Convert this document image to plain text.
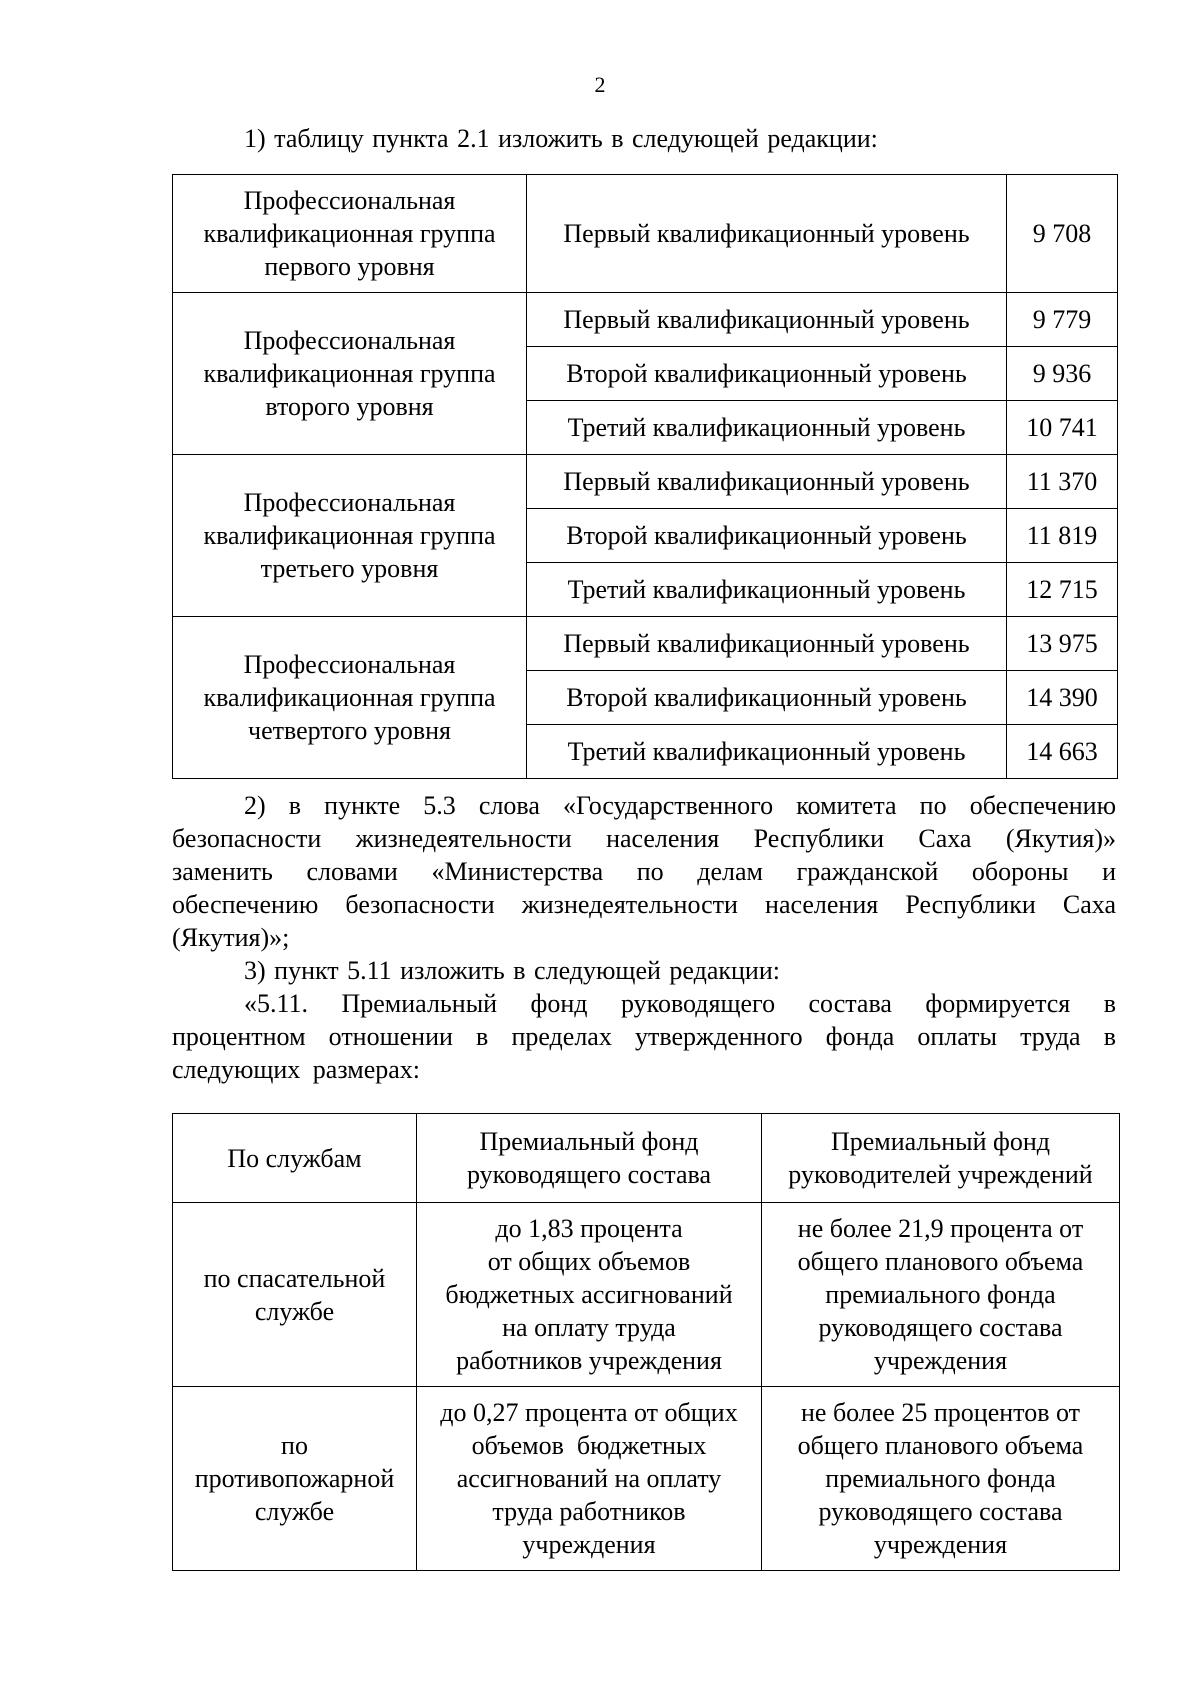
2

1) таблицу пункта 2.1 изложить в следующей редакции:

Профессиональная
квалификационная группа
первого уровня	Первый квалификационный уровень	9 708

Профессиональная
квалификационная группа
второго уровня	Первый квалификационный уровень	9 779
	Второй квалификационный уровень	9 936
	Третий квалификационный уровень	10 741

Профессиональная
квалификационная группа
третьего уровня	Первый квалификационный уровень	11 370
	Второй квалификационный уровень	11 819
	Третий квалификационный уровень	12 715

Профессиональная
квалификационная группа
четвертого уровня	Первый квалификационный уровень	13 975
	Второй квалификационный уровень	14 390
	Третий квалификационный уровень	14 663

2) в пункте 5.3 слова «Государственного комитета по обеспечению безопасности жизнедеятельности населения Республики Саха (Якутия)» заменить словами «Министерства по делам гражданской обороны и обеспечению безопасности жизнедеятельности населения Республики Саха (Якутия)»;

3) пункт 5.11 изложить в следующей редакции:

«5.11. Премиальный фонд руководящего состава формируется в процентном отношении в пределах утвержденного фонда оплаты труда в следующих размерах:

По службам	Премиальный фонд руководящего состава	Премиальный фонд руководителей учреждений

по спасательной
службе	до 1,83 процента
от общих объемов
бюджетных ассигнований
на оплату труда
работников учреждения	не более 21,9 процента от
общего планового объема
премиального фонда
руководящего состава
учреждения

по
противопожарной
службе	до 0,27 процента от общих
объемов  бюджетных
ассигнований на оплату
труда работников
учреждения	не более 25 процентов от
общего планового объема
премиального фонда
руководящего состава
учреждения
